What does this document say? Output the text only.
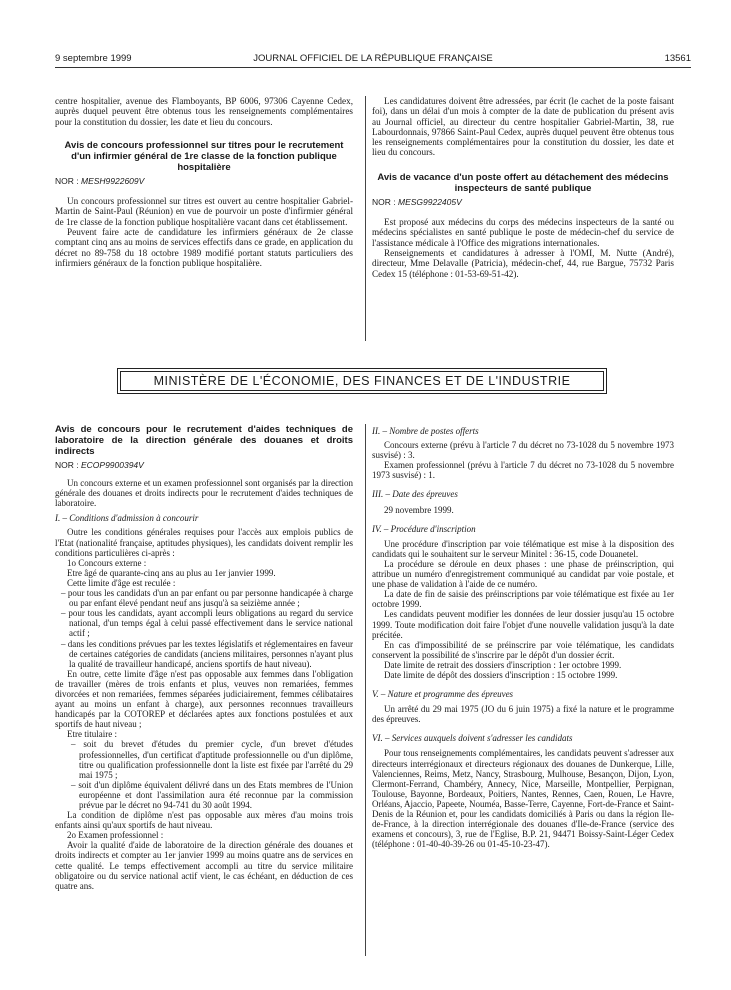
9 septembre 1999	JOURNAL OFFICIEL DE LA RÉPUBLIQUE FRANÇAISE	13561

centre hospitalier, avenue des Flamboyants, BP 6006, 97306 Cayenne Cedex, auprès duquel peuvent être obtenus tous les renseignements complémentaires pour la constitution du dossier, les date et lieu du concours.

Avis de concours professionnel sur titres pour le recrutement d'un infirmier général de 1re classe de la fonction publique hospitalière

NOR : MESH9922609V

Un concours professionnel sur titres est ouvert au centre hospitalier Gabriel-Martin de Saint-Paul (Réunion) en vue de pourvoir un poste d'infirmier général de 1re classe de la fonction publique hospitalière vacant dans cet établissement.

Peuvent faire acte de candidature les infirmiers généraux de 2e classe comptant cinq ans au moins de services effectifs dans ce grade, en application du décret no 89-758 du 18 octobre 1989 modifié portant statuts particuliers des infirmiers généraux de la fonction publique hospitalière.

Les candidatures doivent être adressées, par écrit (le cachet de la poste faisant foi), dans un délai d'un mois à compter de la date de publication du présent avis au Journal officiel, au directeur du centre hospitalier Gabriel-Martin, 38, rue Labourdonnais, 97866 Saint-Paul Cedex, auprès duquel peuvent être obtenus tous les renseignements complémentaires pour la constitution du dossier, les date et lieu du concours.

Avis de vacance d'un poste offert au détachement des médecins inspecteurs de santé publique

NOR : MESG9922405V

Est proposé aux médecins du corps des médecins inspecteurs de la santé ou médecins spécialistes en santé publique le poste de médecin-chef du service de l'assistance médicale à l'Office des migrations internationales.

Renseignements et candidatures à adresser à l'OMI, M. Nutte (André), directeur, Mme Delavalle (Patricia), médecin-chef, 44, rue Bargue, 75732 Paris Cedex 15 (téléphone : 01-53-69-51-42).

MINISTÈRE DE L'ÉCONOMIE, DES FINANCES ET DE L'INDUSTRIE

Avis de concours pour le recrutement d'aides techniques de laboratoire de la direction générale des douanes et droits indirects

NOR : ECOP9900394V

Un concours externe et un examen professionnel sont organisés par la direction générale des douanes et droits indirects pour le recrutement d'aides techniques de laboratoire.

I. – Conditions d'admission à concourir

Outre les conditions générales requises pour l'accès aux emplois publics de l'Etat (nationalité française, aptitudes physiques), les candidats doivent remplir les conditions particulières ci-après :

1o Concours externe :

Etre âgé de quarante-cinq ans au plus au 1er janvier 1999.

Cette limite d'âge est reculée :

– pour tous les candidats d'un an par enfant ou par personne handicapée à charge ou par enfant élevé pendant neuf ans jusqu'à sa seizième année ;

– pour tous les candidats, ayant accompli leurs obligations au regard du service national, d'un temps égal à celui passé effectivement dans le service national actif ;

– dans les conditions prévues par les textes législatifs et réglementaires en faveur de certaines catégories de candidats (anciens militaires, personnes n'ayant plus la qualité de travailleur handicapé, anciens sportifs de haut niveau).

En outre, cette limite d'âge n'est pas opposable aux femmes dans l'obligation de travailler (mères de trois enfants et plus, veuves non remariées, femmes divorcées et non remariées, femmes séparées judiciairement, femmes célibataires ayant au moins un enfant à charge), aux personnes reconnues travailleurs handicapés par la COTOREP et déclarées aptes aux fonctions postulées et aux sportifs de haut niveau ;

Etre titulaire :

– soit du brevet d'études du premier cycle, d'un brevet d'études professionnelles, d'un certificat d'aptitude professionnelle ou d'un diplôme, titre ou qualification professionnelle dont la liste est fixée par l'arrêté du 29 mai 1975 ;

– soit d'un diplôme équivalent délivré dans un des Etats membres de l'Union européenne et dont l'assimilation aura été reconnue par la commission prévue par le décret no 94-741 du 30 août 1994.

La condition de diplôme n'est pas opposable aux mères d'au moins trois enfants ainsi qu'aux sportifs de haut niveau.

2o Examen professionnel :

Avoir la qualité d'aide de laboratoire de la direction générale des douanes et droits indirects et compter au 1er janvier 1999 au moins quatre ans de services en cette qualité. Le temps effectivement accompli au titre du service militaire obligatoire ou du service national actif vient, le cas échéant, en déduction de ces quatre ans.

II. – Nombre de postes offerts

Concours externe (prévu à l'article 7 du décret no 73-1028 du 5 novembre 1973 susvisé) : 3.

Examen professionnel (prévu à l'article 7 du décret no 73-1028 du 5 novembre 1973 susvisé) : 1.

III. – Date des épreuves

29 novembre 1999.

IV. – Procédure d'inscription

Une procédure d'inscription par voie télématique est mise à la disposition des candidats qui le souhaitent sur le serveur Minitel : 36-15, code Douanetel.

La procédure se déroule en deux phases : une phase de préinscription, qui attribue un numéro d'enregistrement communiqué au candidat par voie postale, et une phase de validation à l'aide de ce numéro.

La date de fin de saisie des préinscriptions par voie télématique est fixée au 1er octobre 1999.

Les candidats peuvent modifier les données de leur dossier jusqu'au 15 octobre 1999. Toute modification doit faire l'objet d'une nouvelle validation jusqu'à la date précitée.

En cas d'impossibilité de se préinscrire par voie télématique, les candidats conservent la possibilité de s'inscrire par le dépôt d'un dossier écrit.

Date limite de retrait des dossiers d'inscription : 1er octobre 1999.

Date limite de dépôt des dossiers d'inscription : 15 octobre 1999.

V. – Nature et programme des épreuves

Un arrêté du 29 mai 1975 (JO du 6 juin 1975) a fixé la nature et le programme des épreuves.

VI. – Services auxquels doivent s'adresser les candidats

Pour tous renseignements complémentaires, les candidats peuvent s'adresser aux directeurs interrégionaux et directeurs régionaux des douanes de Dunkerque, Lille, Valenciennes, Reims, Metz, Nancy, Strasbourg, Mulhouse, Besançon, Dijon, Lyon, Clermont-Ferrand, Chambéry, Annecy, Nice, Marseille, Montpellier, Perpignan, Toulouse, Bayonne, Bordeaux, Poitiers, Nantes, Rennes, Caen, Rouen, Le Havre, Orléans, Ajaccio, Papeete, Nouméa, Basse-Terre, Cayenne, Fort-de-France et Saint-Denis de la Réunion et, pour les candidats domiciliés à Paris ou dans la région Ile-de-France, à la direction interrégionale des douanes d'Ile-de-France (service des examens et concours), 3, rue de l'Eglise, B.P. 21, 94471 Boissy-Saint-Léger Cedex (téléphone : 01-40-40-39-26 ou 01-45-10-23-47).
